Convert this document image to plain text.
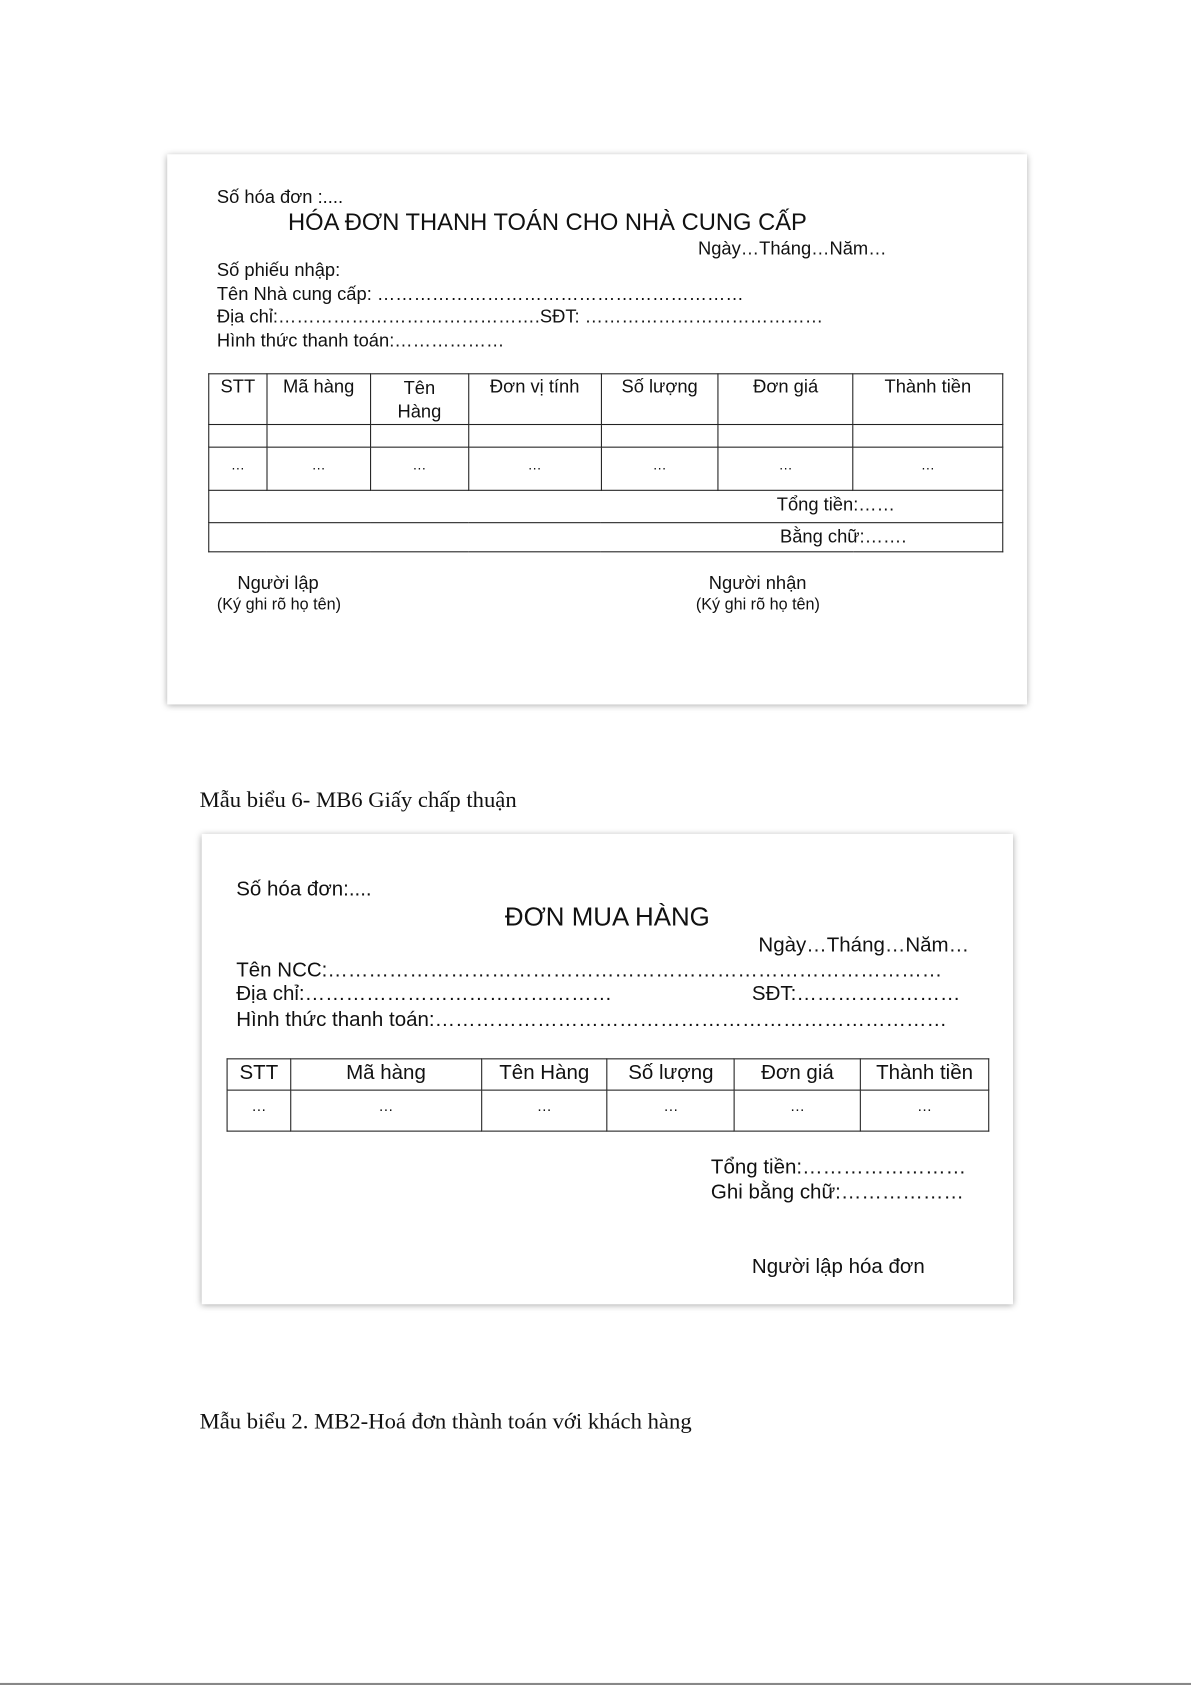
Số hóa đơn :....
HÓA ĐƠN THANH TOÁN CHO NHÀ CUNG CẤP
Ngày…Tháng…Năm…
Số phiếu nhập:
Tên Nhà cung cấp: ……………………………………………………
Địa chỉ:…………………………………….SĐT: …………………………………
Hình thức thanh toán:………………
STT	Mã hàng	Tên Hàng	Đơn vị tính	Số lượng	Đơn giá	Thành tiền

…	…	…	…	…	…	…
Tổng tiền:……						
Bằng chữ:…….						
Người lập
(Ký ghi rõ họ tên)
Người nhận
(Ký ghi rõ họ tên)
Mẫu biểu 6- MB6 Giấy chấp thuận
Số hóa đơn:....
ĐƠN MUA HÀNG
Ngày…Tháng…Năm…
Tên NCC:………………………………………………………………………………
Địa chỉ:………………………………………	SĐT:……………………
Hình thức thanh toán:…………………………………………………………………
STT	Mã hàng	Tên Hàng	Số lượng	Đơn giá	Thành tiền
…	…	…	…	…	…
Tổng tiền:……………………
Ghi bằng chữ:………………
Người lập hóa đơn
Mẫu biểu 2. MB2-Hoá đơn thành toán với khách hàng
